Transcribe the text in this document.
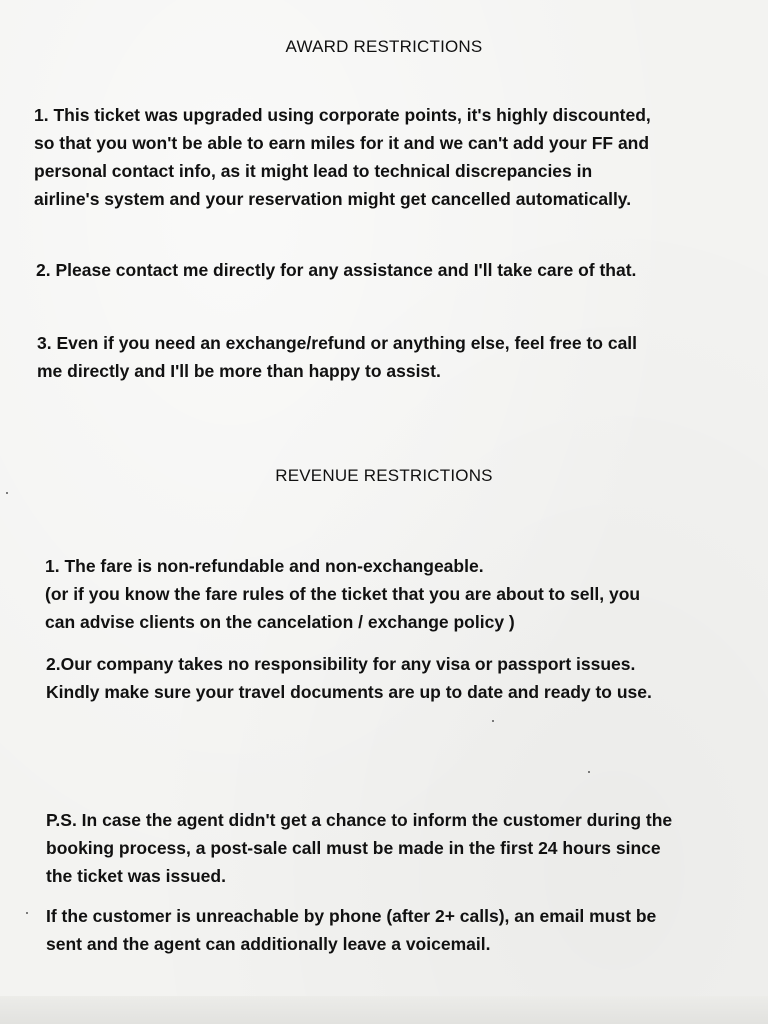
AWARD RESTRICTIONS
1. This ticket was upgraded using corporate points, it's highly discounted,
so that you won't be able to earn miles for it and we can't add your FF and
personal contact info, as it might lead to technical discrepancies in
airline's system and your reservation might get cancelled automatically.
2. Please contact me directly for any assistance and I'll take care of that.
3. Even if you need an exchange/refund or anything else, feel free to call
me directly and I'll be more than happy to assist.
REVENUE RESTRICTIONS
1. The fare is non-refundable and non-exchangeable.
(or if you know the fare rules of the ticket that you are about to sell, you
can advise clients on the cancelation / exchange policy )
2.Our company takes no responsibility for any visa or passport issues.
Kindly make sure your travel documents are up to date and ready to use.
P.S. In case the agent didn't get a chance to inform the customer during the
booking process, a post-sale call must be made in the first 24 hours since
the ticket was issued.
If the customer is unreachable by phone (after 2+ calls), an email must be
sent and the agent can additionally leave a voicemail.
